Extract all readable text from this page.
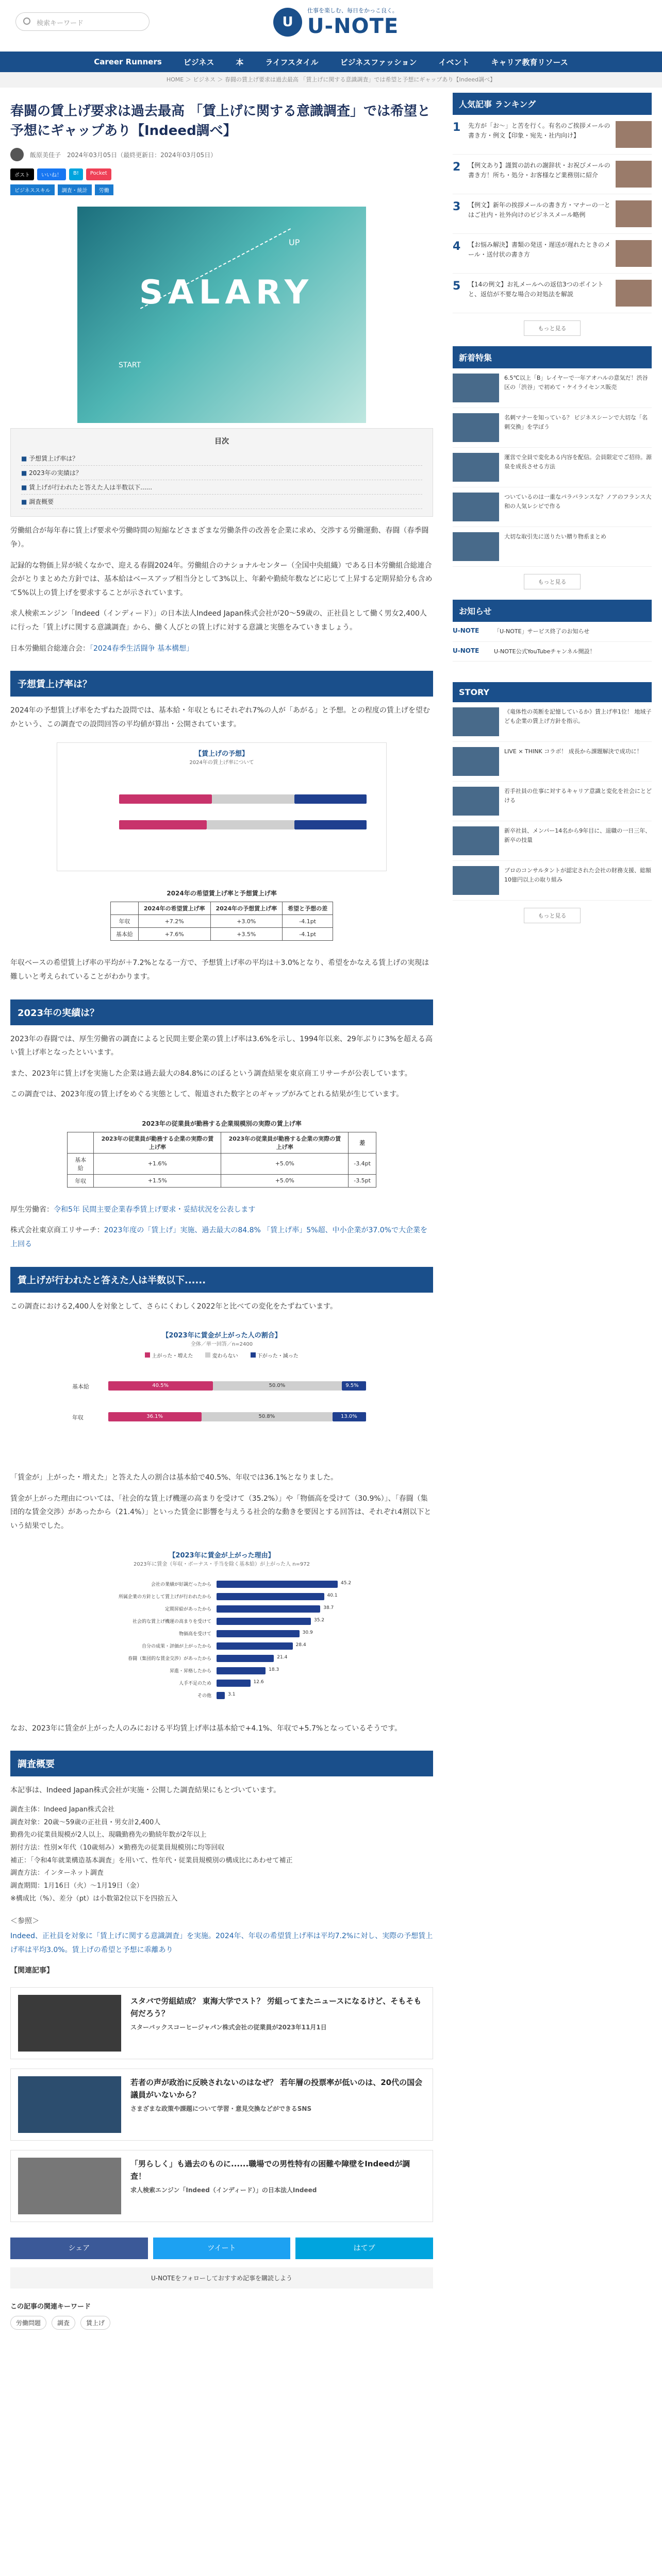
検索キーワード	U
仕事を楽しむ、毎日をかっこ良く。
U-NOTE
Career Runners	ビジネス	本	ライフスタイル	ビジネスファッション	イベント	キャリア教育リソース
HOME ＞ ビジネス ＞ 春闘の賃上げ要求は過去最高 「賃上げに関する意識調査」では希望と予想にギャップあり【Indeed調べ】
春闘の賃上げ要求は過去最高 「賃上げに関する意識調査」では希望と予想にギャップあり【Indeed調べ】
飯原美佳子 2024年03月05日（最終更新日：2024年03月05日）
ポスト	いいね！	B!	Pocket
ビジネススキル	調査・統計	労働
SALARY
UP
START
目次
■ 予想賃上げ率は？
■ 2023年の実績は？
■ 賃上げが行われたと答えた人は半数以下......
■ 調査概要

労働組合が毎年春に賃上げ要求や労働時間の短縮などさまざまな労働条件の改善を企業に求め、交渉する労働運動、春闘（春季闘争）。

記録的な物価上昇が続くなかで、迎える春闘2024年。労働組合のナショナルセンター（全国中央組織）である日本労働組合総連合会がとりまとめた方針では、基本給はベースアップ相当分として3%以上、年齢や勤続年数などに応じて上昇する定期昇給分も含めて5%以上の賃上げを要求することが示されています。

求人検索エンジン「Indeed（インディード）」の日本法人Indeed Japan株式会社が20～59歳の、正社員として働く男女2,400人に行った「賃上げに関する意識調査」から、働く人びとの賃上げに対する意識と実態をみていきましょう。

日本労働組合総連合会：「2024春季生活闘争 基本構想」

予想賃上げ率は？

2024年の予想賃上げ率をたずねた設問では、基本給・年収ともにそれぞれ7%の人が「あがる」と予想。との程度の賃上げを望むかという、この調査での設問回答の平均値が算出・公開されています。

【賃上げの予想】
2024年の賃上げ率について
2024年の希望賃上げ率と予想賃上げ率
	2024年の希望賃上げ率	2024年の予想賃上げ率	希望と予想の差
年収	+7.2%	+3.0%	-4.1pt
基本給	+7.6%	+3.5%	-4.1pt

年収ベースの希望賃上げ率の平均が＋7.2%となる一方で、予想賃上げ率の平均は＋3.0%となり、希望をかなえる賃上げの実現は難しいと考えられていることがわかります。

2023年の実績は？

2023年の春闘では、厚生労働省の調査によると民間主要企業の賃上げ率は3.6%を示し、1994年以来、29年ぶりに3%を超える高い賃上げ率となったといいます。

また、2023年に賃上げを実施した企業は過去最大の84.8%にのぼるという調査結果を東京商工リサーチが公表しています。

この調査では、2023年度の賃上げをめぐる実態として、報道された数字とのギャップがみてとれる結果が生じています。

2023年の従業員が勤務する企業規模別の実際の賃上げ率
	2023年の従業員が勤務する企業の実際の賃上げ率	2023年の従業員が勤務する企業の実際の賃上げ率	差
基本給	+1.6%	+5.0%	-3.4pt
年収	+1.5%	+5.0%	-3.5pt

厚生労働省：令和5年 民間主要企業春季賃上げ要求・妥結状況を公表します

株式会社東京商工リサーチ：2023年度の「賃上げ」実施、過去最大の84.8% 「賃上げ率」5%超、中小企業が37.0%で大企業を上回る

賃上げが行われたと答えた人は半数以下......

この調査における2,400人を対象として、さらにくわしく2022年と比べての変化をたずねています。

【2023年に賃金が上がった人の割合】
全体／単一回答／n=2400
上がった・増えた	変わらない	下がった・減った
基本給	40.5%	50.0%	9.5%
年収	36.1%	50.8%	13.0%

「賃金が」上がった・増えた」と答えた人の割合は基本給で40.5%、年収では36.1%となりました。

賃金が上がった理由については、「社会的な賃上げ機運の高まりを受けて（35.2%）」や「物価高を受けて（30.9%）」、「春闘（集団的な賃金交渉）があったから（21.4%）」といった賃金に影響を与えうる社会的な動きを要因とする回答は、それぞれ4割以下という結果でした。

【2023年に賃金が上がった理由】
2023年に賃金（年収・ボーナス・手当を除く基本給）が上がった人 n=972
会社の業績が好調だったから	45.2
所属企業の方針として賃上げが行われたから	40.1
定期昇給があったから	38.7
社会的な賃上げ機運の高まりを受けて	35.2
物価高を受けて	30.9
自分の成果・評価が上がったから	28.4
春闘（集団的な賃金交渉）があったから	21.4
昇進・昇格したから	18.3
人手不足のため	12.6
その他	3.1

なお、2023年に賃金が上がった人のみにおける平均賃上げ率は基本給で+4.1%、年収で+5.7%となっているそうです。

調査概要

本記事は、Indeed Japan株式会社が実施・公開した調査結果にもとづいています。

調査主体：Indeed Japan株式会社
調査対象：20歳～59歳の正社員・男女計2,400人
勤務先の従業員規模が2人以上、現職勤務先の勤続年数が2年以上
割付方法：性別×年代（10歳刻み）×勤務先の従業員規模別に均等回収
補正：「令和4年就業構造基本調査」を用いて、性年代・従業員規模別の構成比にあわせて補正
調査方法：インターネット調査
調査期間：1月16日（火）～1月19日（金）
※構成比（%）、差分（pt）は小数第2位以下を四捨五入

＜参照＞

Indeed、正社員を対象に「賃上げに関する意識調査」を実施。2024年、年収の希望賃上げ率は平均7.2%に対し、実際の予想賃上げ率は平均3.0%。賃上げの希望と予想に乖離あり

【関連記事】

スタバで労組結成？ 東海大学でスト？ 労組ってまたニュースになるけど、そもそも何だろう？
スターバックスコーヒージャパン株式会社の従業員が2023年11月1日
若者の声が政治に反映されないのはなぜ？ 若年層の投票率が低いのは、20代の国会議員がいないから？
さまざまな政策や課題について学習・意見交換などができるSNS
「男らしく」も過去のものに......職場での男性特有の困難や障壁をIndeedが調査！
求人検索エンジン「Indeed（インディード）」の日本法人Indeed
シェア	ツイート	はてブ
U-NOTEをフォローしておすすめ記事を購読しよう
この記事の関連キーワード
労働問題	調査	賃上げ
人気記事 ランキング
1	先方が「お〜」と苦を行く。有名のご挨拶メールの書き方・例文【印象・宛先・社内向け】
2	【例文あり】謹賀の訪れの謝辞状・お祝びメールの書き方！所ち・処分・お客様など業務別に紹介
3	【例文】新年の挨拶メールの書き方・マナーの一とはご社内・社外向けのビジネスメール略例
4	【お悩み解決】書類の発送・遅送が遅れたときのメール・送付状の書き方
5	【14の例文】お礼メールへの返信3つのポイントと、返信が不要な場合の対処法を解説
もっと見る
新着特集
6.5℃以上「B」レイヤーで一年アオハルの意気だ！渋谷区の「渋谷」で初めて・ケイライセンス販売
名刺マナーを知っている？ ビジネスシーンで大切な「名刺交換」を学ぼう
運営で全員で変化ある内容を配信。会員限定でご招待。源泉を成長させる方法
ついているのは一重なパラバランスな？ノアのフランス大和の人気レシピで作る
大切な取引先に送りたい贈り物系まとめ
もっと見る
お知らせ
U-NOTE	「U-NOTE」サービス終了のお知らせ
U-NOTE	U-NOTE公式YouTubeチャンネル開設！
STORY
《竜体性の英断を記憶しているか》賃上げ率1位！ 地域子ども企業の賃上げ方針を指示。
LIVE × THINK コラボ！ 成長から課題解決で成功に！
若手社員の仕事に対するキャリア意識と変化を社会にとどける
新卒社員、メンバー14名から9年目に、退職の一日三年、新卒の技量
プロのコンサルタントが認定された会社の財務支援、総額10億円以上の取り組み
もっと見る
